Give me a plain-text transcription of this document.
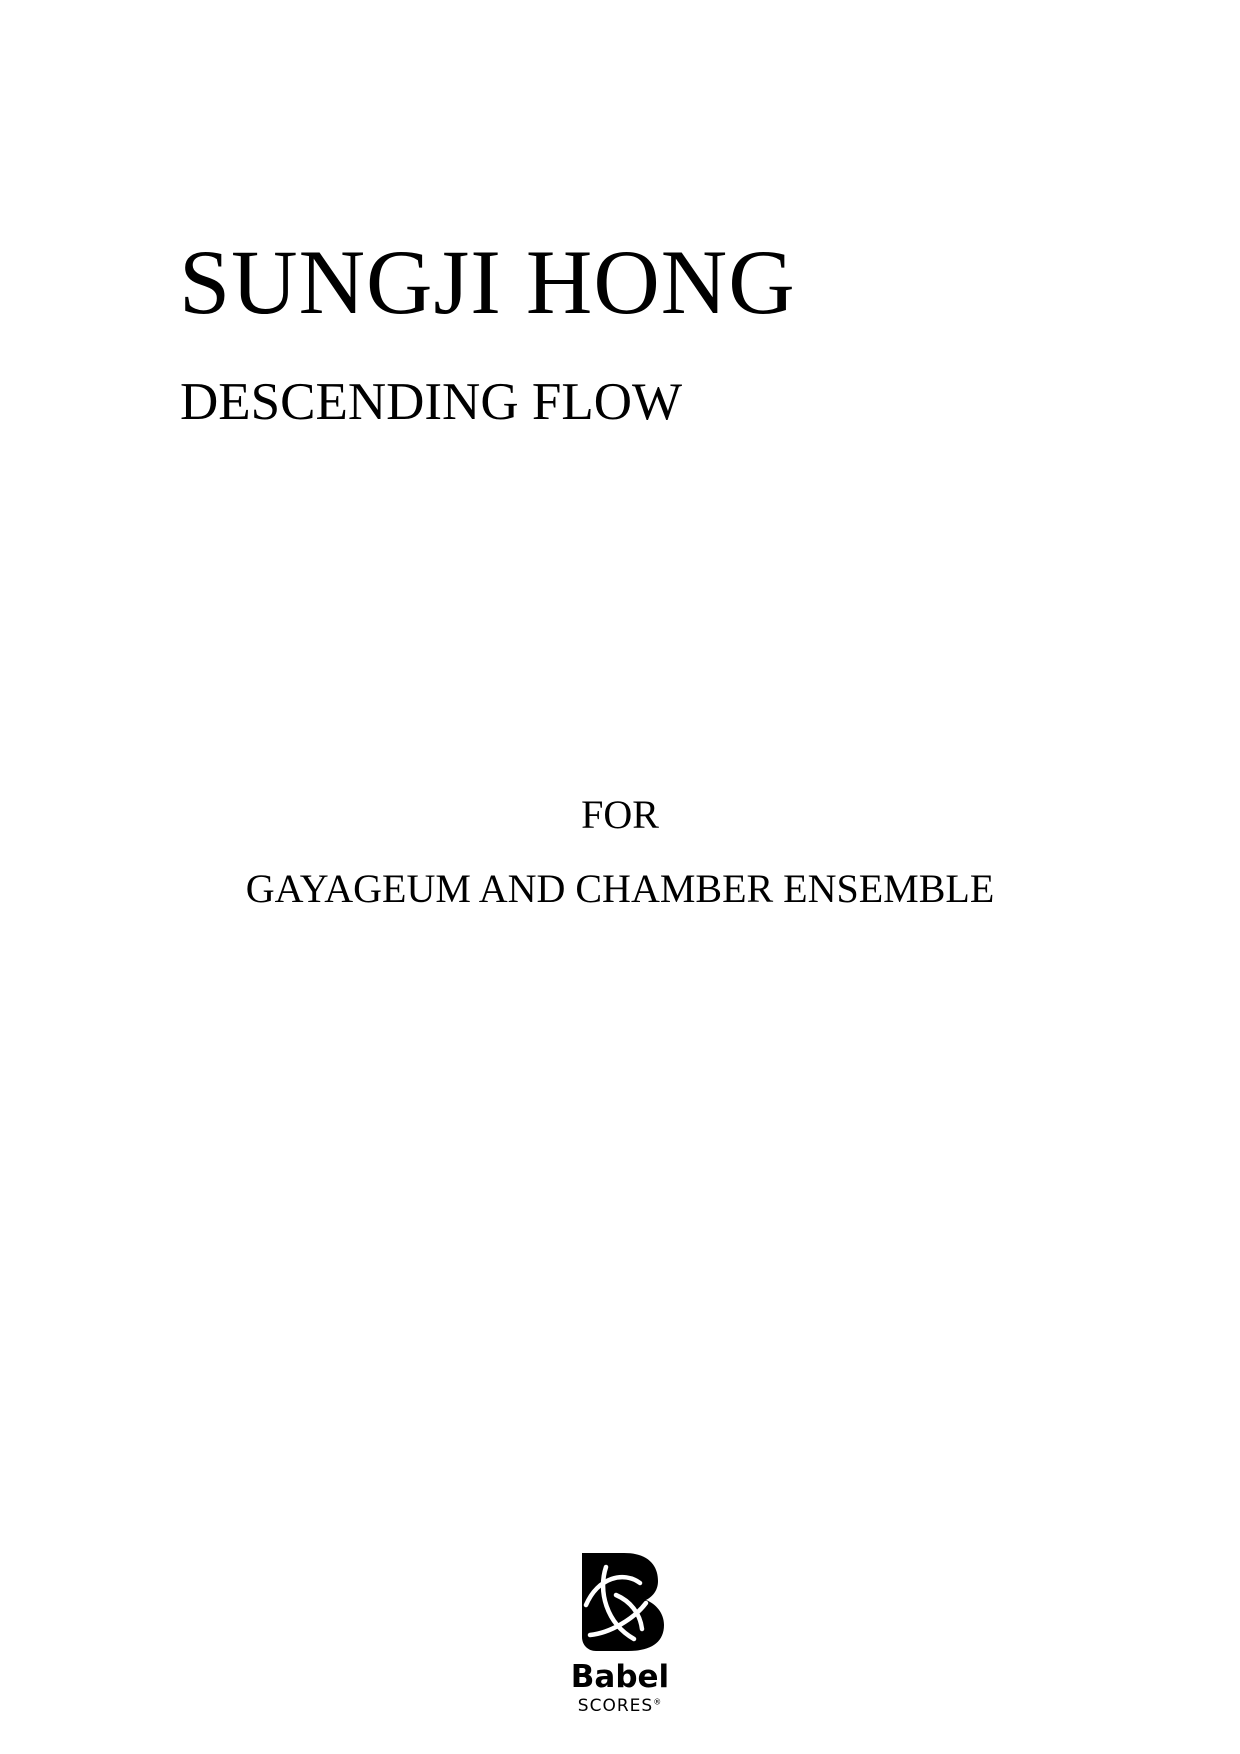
SUNGJI HONG
DESCENDING FLOW
FOR
GAYAGEUM AND CHAMBER ENSEMBLE
Babel
SCORES®
